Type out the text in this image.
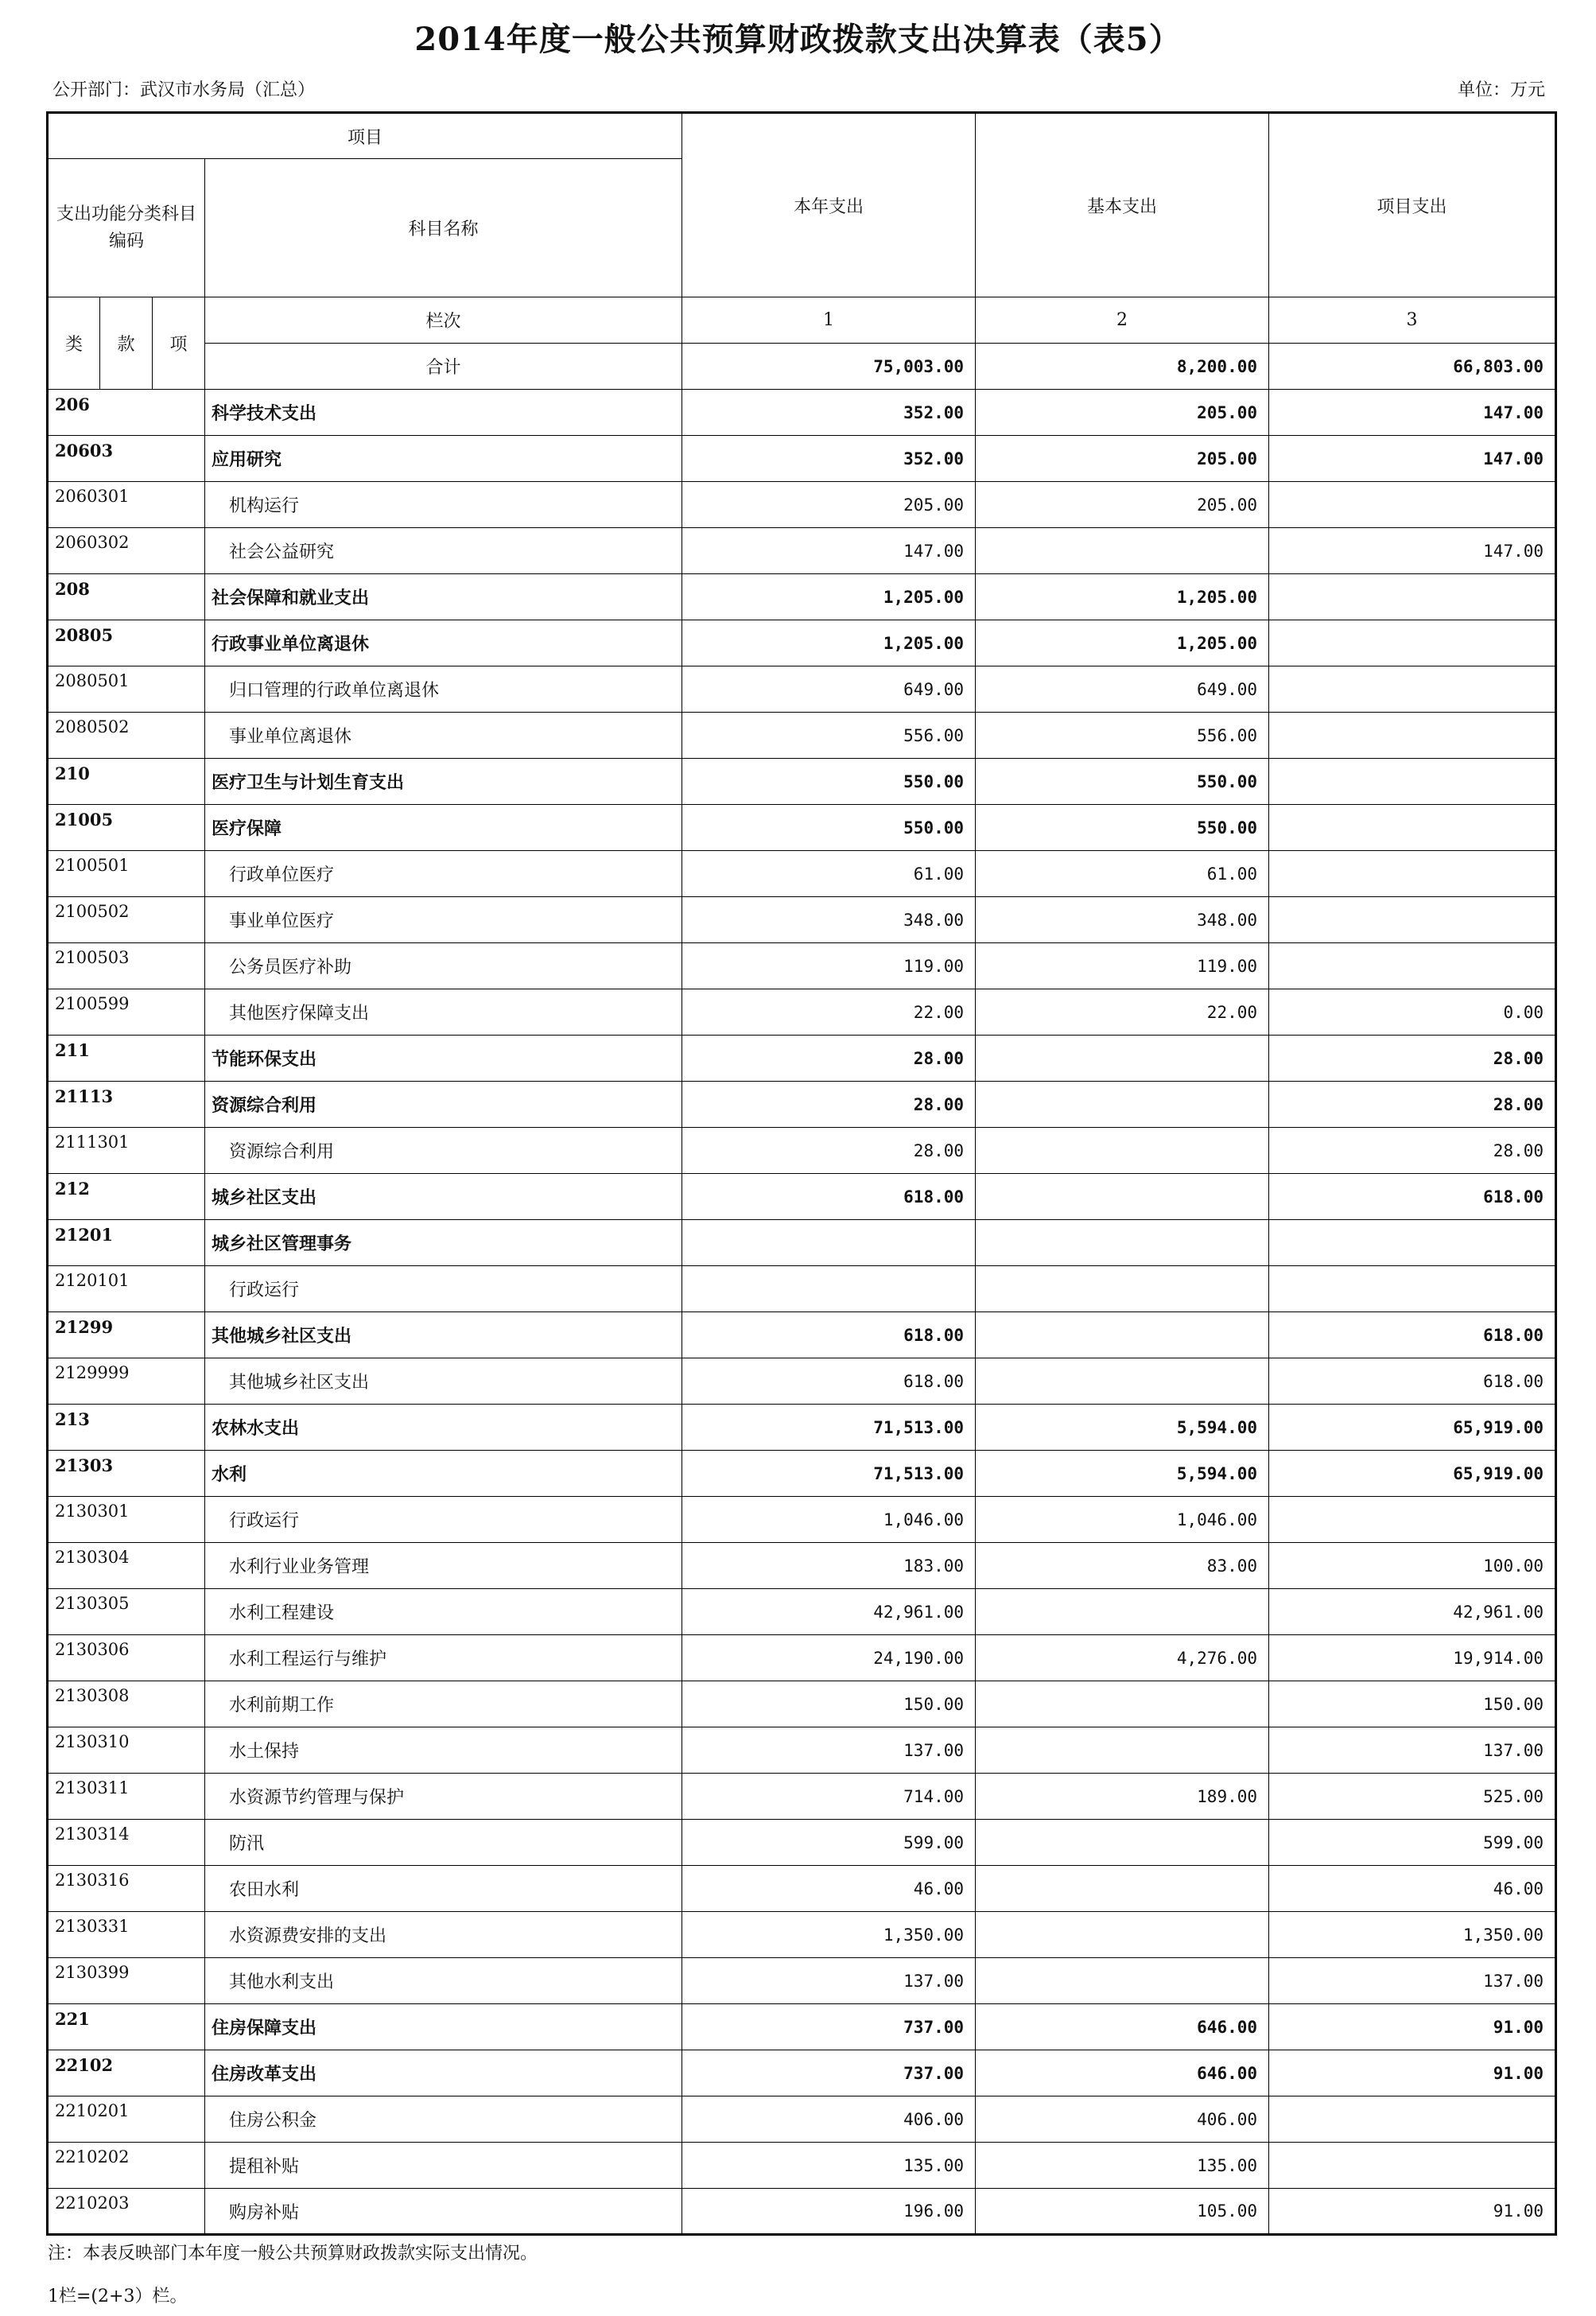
2014年度一般公共预算财政拨款支出决算表（表5）
公开部门：武汉市水务局（汇总）	单位：万元
项目				本年支出	基本支出	项目支出
支出功能分类科目编码			科目名称			

类	款	项	栏次	1	2	3
			合计	75,003.00	8,200.00	66,803.00
206			科学技术支出	352.00	205.00	147.00
20603			应用研究	352.00	205.00	147.00
2060301			机构运行	205.00	205.00	
2060302			社会公益研究	147.00		147.00
208			社会保障和就业支出	1,205.00	1,205.00	
20805			行政事业单位离退休	1,205.00	1,205.00	
2080501			归口管理的行政单位离退休	649.00	649.00	
2080502			事业单位离退休	556.00	556.00	
210			医疗卫生与计划生育支出	550.00	550.00	
21005			医疗保障	550.00	550.00	
2100501			行政单位医疗	61.00	61.00	
2100502			事业单位医疗	348.00	348.00	
2100503			公务员医疗补助	119.00	119.00	
2100599			其他医疗保障支出	22.00	22.00	0.00
211			节能环保支出	28.00		28.00
21113			资源综合利用	28.00		28.00
2111301			资源综合利用	28.00		28.00
212			城乡社区支出	618.00		618.00
21201			城乡社区管理事务			
2120101			行政运行			
21299			其他城乡社区支出	618.00		618.00
2129999			其他城乡社区支出	618.00		618.00
213			农林水支出	71,513.00	5,594.00	65,919.00
21303			水利	71,513.00	5,594.00	65,919.00
2130301			行政运行	1,046.00	1,046.00	
2130304			水利行业业务管理	183.00	83.00	100.00
2130305			水利工程建设	42,961.00		42,961.00
2130306			水利工程运行与维护	24,190.00	4,276.00	19,914.00
2130308			水利前期工作	150.00		150.00
2130310			水土保持	137.00		137.00
2130311			水资源节约管理与保护	714.00	189.00	525.00
2130314			防汛	599.00		599.00
2130316			农田水利	46.00		46.00
2130331			水资源费安排的支出	1,350.00		1,350.00
2130399			其他水利支出	137.00		137.00
221			住房保障支出	737.00	646.00	91.00
22102			住房改革支出	737.00	646.00	91.00
2210201			住房公积金	406.00	406.00	
2210202			提租补贴	135.00	135.00	
2210203			购房补贴	196.00	105.00	91.00
注：本表反映部门本年度一般公共预算财政拨款实际支出情况。
1栏=(2+3）栏。
